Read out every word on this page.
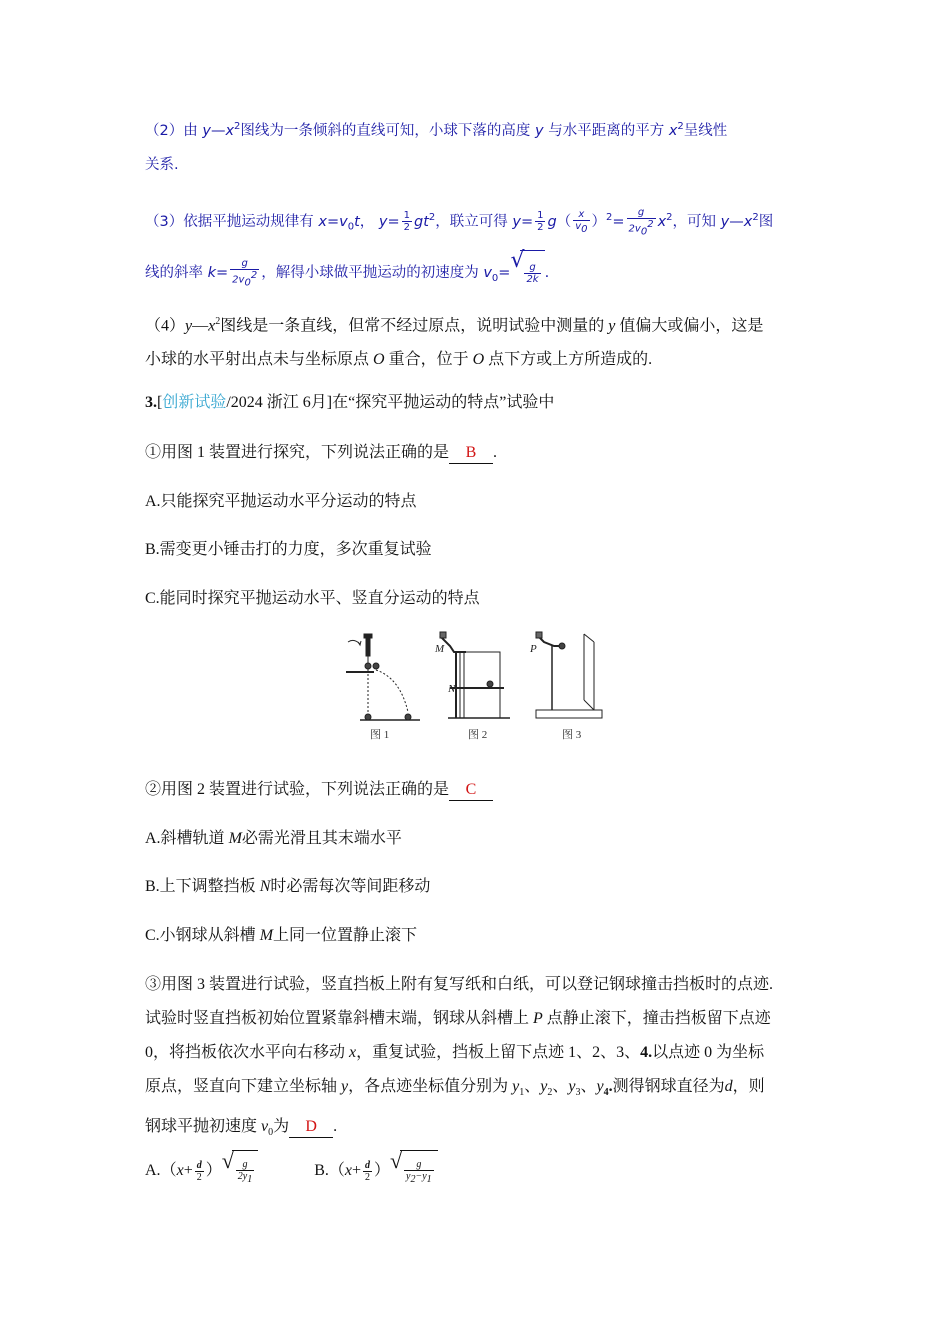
（2）由 $y—x^2$图线为一条倾斜的直线可知，小球下落的高度 y 与水平距离的平方 $x^2$呈线性
关系.
（3）依据平抛运动规律有 $x=v_0t$， $y= \frac{1}{2} gt^2$，联立可得 $y= \frac{1}{2} g( \frac{x}{v_0} )^2= \frac{g}{2v_0^2} x^2$，可知 $y—x^2$图
线的斜率 $k= \frac{g}{2v_0^2}$ ，解得小球做平抛运动的初速度为 $v_0=$ √
$\frac{g}{2k}$ .
$(4)y—x^2$图线是一条直线，但常不经过原点，说明试验中测量的 y 值偏大或偏小，这是
小球的水平射出点未与坐标原点 O 重合，位于 O 点下方或上方所造成的.
3.[创新试验/2024 浙江 6月]在“探究平抛运动的特点”试验中
①用图 1 装置进行探究，下列说法正确的是 B .
A.只能探究平抛运动水平分运动的特点
B.需变更小锤击打的力度，多次重复试验
C.能同时探究平抛运动水平、竖直分运动的特点
M
N
P
图 1	图 2	图 3
②用图 2 装置进行试验，下列说法正确的是 C
A.斜槽轨道 M必需光滑且其末端水平
B.上下调整挡板 N时必需每次等间距移动
C.小钢球从斜槽 M上同一位置静止滚下
③用图 3 装置进行试验，竖直挡板上附有复写纸和白纸，可以登记钢球撞击挡板时的点迹.
试验时竖直挡板初始位置紧靠斜槽末端，钢球从斜槽上 P 点静止滚下，撞击挡板留下点迹
0，将挡板依次水平向右移动 x，重复试验，挡板上留下点迹 1、2、3、4.以点迹 0 为坐标
原点，竖直向下建立坐标轴 y，各点迹坐标值分别为 $y_1$、$y_2$、$y_3$、$y_4$.测得钢球直径为d，则
钢球平抛初速度 $v_0$为 D .
$A.(x+ \frac{d}{2}$ ） √ $\frac{g}{2y_1}$	$B.(x+ \frac{d}{2}$ ） √ $\frac{g}{y_2-y_1}$
